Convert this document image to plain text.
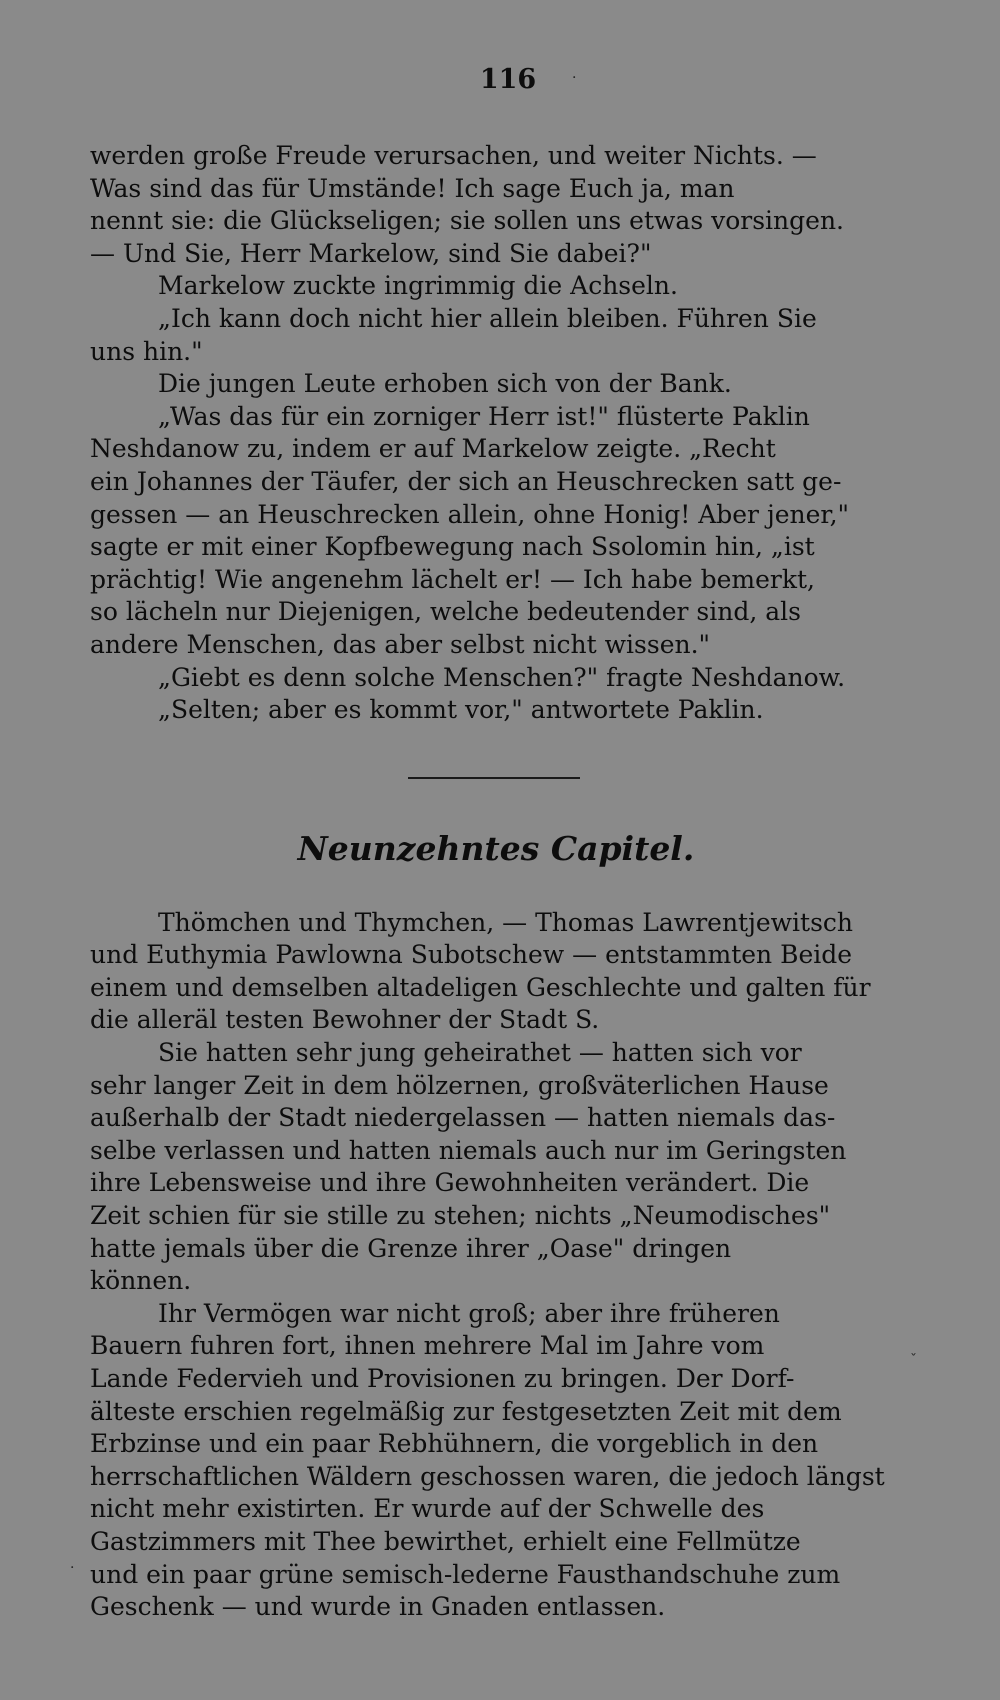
116

werden große Freude verursachen, und weiter Nichts. —

Was sind das für Umstände! Ich sage Euch ja, man

nennt sie: die Glückseligen; sie sollen uns etwas vorsingen.

— Und Sie, Herr Markelow, sind Sie dabei?"

Markelow zuckte ingrimmig die Achseln.

„Ich kann doch nicht hier allein bleiben. Führen Sie

uns hin."

Die jungen Leute erhoben sich von der Bank.

„Was das für ein zorniger Herr ist!" flüsterte Paklin

Neshdanow zu, indem er auf Markelow zeigte. „Recht

ein Johannes der Täufer, der sich an Heuschrecken satt ge-

gessen — an Heuschrecken allein, ohne Honig! Aber jener,"

sagte er mit einer Kopfbewegung nach Ssolomin hin, „ist

prächtig! Wie angenehm lächelt er! — Ich habe bemerkt,

so lächeln nur Diejenigen, welche bedeutender sind, als

andere Menschen, das aber selbst nicht wissen."

„Giebt es denn solche Menschen?" fragte Neshdanow.

„Selten; aber es kommt vor," antwortete Paklin.

Neunzehntes Capitel.

Thömchen und Thymchen, — Thomas Lawrentjewitsch

und Euthymia Pawlowna Subotschew — entstammten Beide

einem und demselben altadeligen Geschlechte und galten für

die alleräl testen Bewohner der Stadt S.

Sie hatten sehr jung geheirathet — hatten sich vor

sehr langer Zeit in dem hölzernen, großväterlichen Hause

außerhalb der Stadt niedergelassen — hatten niemals das-

selbe verlassen und hatten niemals auch nur im Geringsten

ihre Lebensweise und ihre Gewohnheiten verändert. Die

Zeit schien für sie stille zu stehen; nichts „Neumodisches"

hatte jemals über die Grenze ihrer „Oase" dringen

können.

Ihr Vermögen war nicht groß; aber ihre früheren

Bauern fuhren fort, ihnen mehrere Mal im Jahre vom

Lande Federvieh und Provisionen zu bringen. Der Dorf-

älteste erschien regelmäßig zur festgesetzten Zeit mit dem

Erbzinse und ein paar Rebhühnern, die vorgeblich in den

herrschaftlichen Wäldern geschossen waren, die jedoch längst

nicht mehr existirten. Er wurde auf der Schwelle des

Gastzimmers mit Thee bewirthet, erhielt eine Fellmütze

und ein paar grüne semisch-lederne Fausthandschuhe zum

Geschenk — und wurde in Gnaden entlassen.

·
ˇ
·
